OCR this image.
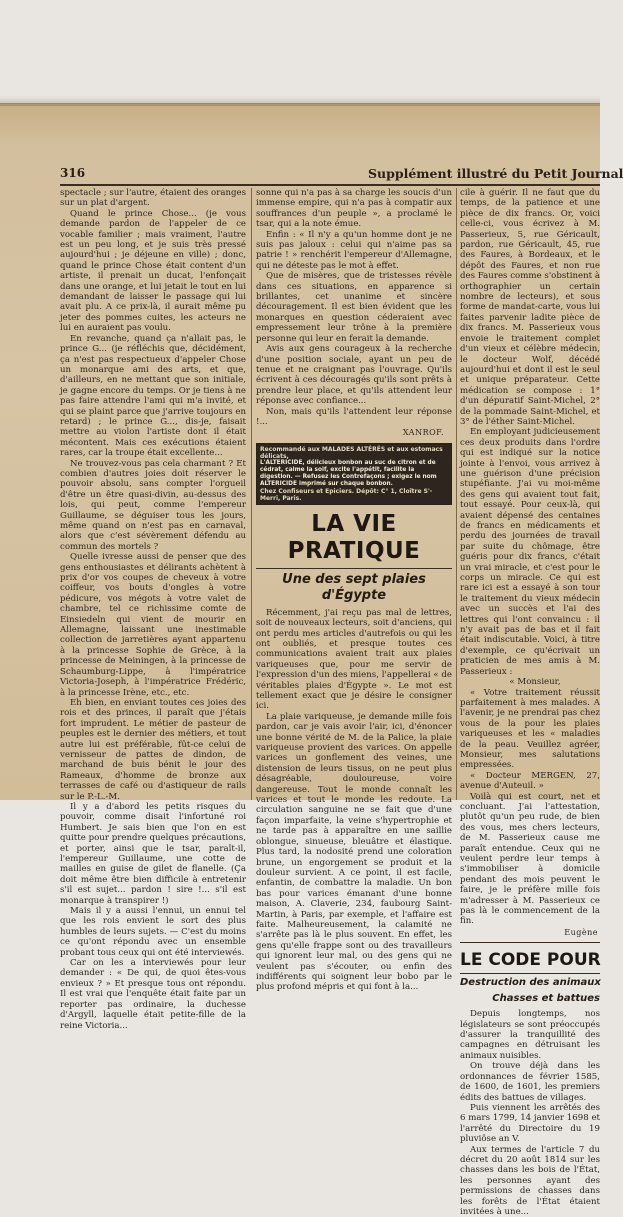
316	Supplément illustré du Petit Journal

spectacle ; sur l'autre, étaient des oranges sur un plat d'argent.

Quand le prince Chose... (je vous demande pardon de l'appeler de ce vocable familier ; mais vraiment, l'autre est un peu long, et je suis très pressé aujourd'hui ; je déjeune en ville) ; donc, quand le prince Chose était content d'un artiste, il prenait un ducat, l'enfonçait dans une orange, et lui jetait le tout en lui demandant de laisser le passage qui lui avait plu. A ce prix-là, il aurait même pu jeter des pommes cuites, les acteurs ne lui en auraient pas voulu.

En revanche, quand ça n'allait pas, le prince G... (je réfléchis que, décidément, ça n'est pas respectueux d'appeler Chose un monarque ami des arts, et que, d'ailleurs, en ne mettant que son initiale, je gagne encore du temps. Or je tiens à ne pas faire attendre l'ami qui m'a invité, et qui se plaint parce que j'arrive toujours en retard) ; le prince G..., dis-je, faisait mettre au violon l'artiste dont il était mécontent. Mais ces exécutions étaient rares, car la troupe était excellente...

Ne trouvez-vous pas cela charmant ? Et combien d'autres joies doit réserver le pouvoir absolu, sans compter l'orgueil d'être un être quasi-divin, au-dessus des lois, qui peut, comme l'empereur Guillaume, se déguiser tous les jours, même quand on n'est pas en carnaval, alors que c'est sévèrement défendu au commun des mortels ?

Quelle ivresse aussi de penser que des gens enthousiastes et délirants achètent à prix d'or vos coupes de cheveux à votre coiffeur, vos bouts d'ongles à votre pédicure, vos mégots à votre valet de chambre, tel ce richissime comte de Einsiedeln qui vient de mourir en Allemagne, laissant une inestimable collection de jarretières ayant appartenu à la princesse Sophie de Grèce, à la princesse de Meiningen, à la princesse de Schaumburg-Lippe, à l'impératrice Victoria-Joseph, à l'impératrice Frédéric, à la princesse Irène, etc., etc.

Eh bien, en enviant toutes ces joies des rois et des princes, il paraît que j'étais fort imprudent. Le métier de pasteur de peuples est le dernier des métiers, et tout autre lui est préférable, fût-ce celui de vernisseur de pattes de dindon, de marchand de buis bénit le jour des Rameaux, d'homme de bronze aux terrasses de café ou d'astiqueur de rails sur le P.-L.-M.

Il y a d'abord les petits risques du pouvoir, comme disait l'infortuné roi Humbert. Je sais bien que l'on en est quitte pour prendre quelques précautions, et porter, ainsi que le tsar, paraît-il, l'empereur Guillaume, une cotte de mailles en guise de gilet de flanelle. (Ça doit même être bien difficile à entretenir s'il est sujet... pardon ! sire !... s'il est monarque à transpirer !)

Mais il y a aussi l'ennui, un ennui tel que les rois envient le sort des plus humbles de leurs sujets. — C'est du moins ce qu'ont répondu avec un ensemble probant tous ceux qui ont été interviewés.

Car on les a interviewés pour leur demander : « De qui, de quoi êtes-vous envieux ? » Et presque tous ont répondu. Il est vrai que l'enquête était faite par un reporter pas ordinaire, la duchesse d'Argyll, laquelle était petite-fille de la reine Victoria...

sonne qui n'a pas à sa charge les soucis d'un immense empire, qui n'a pas à compatir aux souffrances d'un peuple », a proclamé le tsar, qui a la note émue.

Enfin : « Il n'y a qu'un homme dont je ne suis pas jaloux : celui qui n'aime pas sa patrie ! » renchérit l'empereur d'Allemagne, qui ne déteste pas le mot à effet.

Que de misères, que de tristesses révèle dans ces situations, en apparence si brillantes, cet unanime et sincère découragement. Il est bien évident que les monarques en question céderaient avec empressement leur trône à la première personne qui leur en ferait la demande.

Avis aux gens courageux à la recherche d'une position sociale, ayant un peu de tenue et ne craignant pas l'ouvrage. Qu'ils écrivent à ces découragés qu'ils sont prêts à prendre leur place, et qu'ils attendent leur réponse avec confiance...

Non, mais qu'ils l'attendent leur réponse !...

XANROF.

Recommandé aux MALADES ALTÉRÉS et aux estomacs délicats,

L'ALTERICIDE, délicieux bonbon au suc de citron et de cédrat, calme la soif, excite l'appétit, facilite la digestion. — Refusez les Contrefaçons ; exigez le nom ALTERICIDE imprimé sur chaque bonbon.

Chez Confiseurs et Epiciers. Dépôt: C° 1, Cloître S'-Merri, Paris.

LA VIE PRATIQUE
Une des sept plaies d'Égypte

Récemment, j'ai reçu pas mal de lettres, soit de nouveaux lecteurs, soit d'anciens, qui ont perdu mes articles d'autrefois ou qui les ont oubliés, et presque toutes ces communications avaient trait aux plaies variqueuses que, pour me servir de l'expression d'un des miens, l'appellerai « de véritables plaies d'Égypte ». Le mot est tellement exact que je désire le consigner ici.

La plaie variqueuse, je demande mille fois pardon, car je vais avoir l'air, ici, d'énoncer une bonne vérité de M. de la Palice, la plaie variqueuse provient des varices. On appelle varices un gonflement des veines, une distension de leurs tissus, on ne peut plus désagréable, douloureuse, voire dangereuse. Tout le monde connaît les varices et tout le monde les redoute. La circulation sanguine ne se fait que d'une façon imparfaite, la veine s'hypertrophie et ne tarde pas à apparaître en une saillie oblongue, sinueuse, bleuâtre et élastique. Plus tard, la nodosité prend une coloration brune, un engorgement se produit et la douleur survient. A ce point, il est facile, enfantin, de combattre la maladie. Un bon bas pour varices émanant d'une bonne maison, A. Claverie, 234, faubourg Saint-Martin, à Paris, par exemple, et l'affaire est faite. Malheureusement, la calamité ne s'arrête pas là le plus souvent. En effet, les gens qu'elle frappe sont ou des travailleurs qui ignorent leur mal, ou des gens qui ne veulent pas s'écouter, ou enfin des indifférents qui soignent leur bobo par le plus profond mépris et qui font à la...

cile à guérir. Il ne faut que du temps, de la patience et une pièce de dix francs. Or, voici celle-ci, vous écrivez à M. Passerieux, 5, rue Géricault, pardon, rue Géricault, 45, rue des Faures, à Bordeaux, et le dépôt des Faures, et non rue des Faures comme s'obstinent à orthographier un certain nombre de lecteurs), et sous forme de mandat-carte, vous lui faites parvenir ladite pièce de dix francs. M. Passerieux vous envoie le traitement complet d'un vieux et célèbre médecin, le docteur Wolf, décédé aujourd'hui et dont il est le seul et unique préparateur. Cette médication se compose : 1° d'un dépuratif Saint-Michel, 2° de la pommade Saint-Michel, et 3° de l'éther Saint-Michel.

En employant judicieusement ces deux produits dans l'ordre qui est indiqué sur la notice jointe à l'envoi, vous arrivez à une guérison d'une précision stupéfiante. J'ai vu moi-même des gens qui avaient tout fait, tout essayé. Pour ceux-là, qui avaient dépensé des centaines de francs en médicaments et perdu des journées de travail par suite du chômage, être guéris pour dix francs, c'était un vrai miracle, et c'est pour le corps un miracle. Ce qui est rare ici est a essayé à son tour le traitement du vieux médecin avec un succès et l'ai des lettres qui l'ont convaincu : il n'y avait pas de bas et il fait était indiscutable. Voici, à titre d'exemple, ce qu'écrivait un praticien de mes amis à M. Passerieux :

« Monsieur,

« Votre traitement réussit parfaitement à mes malades. A l'avenir, je ne prendrai pas chez vous de la pour les plaies variqueuses et les « maladies de la peau. Veuillez agréer, Monsieur, mes salutations empressées.

« Docteur MERGEN, 27, avenue d'Auteuil. »

Voilà qui est court, net et concluant. J'ai l'attestation, plutôt qu'un peu rude, de bien des vous, mes chers lecteurs, de M. Passerieux cause me paraît entendue. Ceux qui ne veulent perdre leur temps à s'immobiliser à domicile pendant des mois peuvent le faire, je le préfère mille fois m'adresser à M. Passerieux ce pas là le commencement de la fin.

Eugène
LE CODE POUR
Destruction des animaux
Chasses et battues

Depuis longtemps, nos législateurs se sont préoccupés d'assurer la tranquillité des campagnes en détruisant les animaux nuisibles.

On trouve déjà dans les ordonnances de février 1585, de 1600, de 1601, les premiers édits des battues de villages.

Puis viennent les arrêtés des 6 mars 1799, 14 janvier 1698 et l'arrêté du Directoire du 19 pluviôse an V.

Aux termes de l'article 7 du décret du 20 août 1814 sur les chasses dans les bois de l'État, les personnes ayant des permissions de chasses dans les forêts de l'État étaient invitées à une...
